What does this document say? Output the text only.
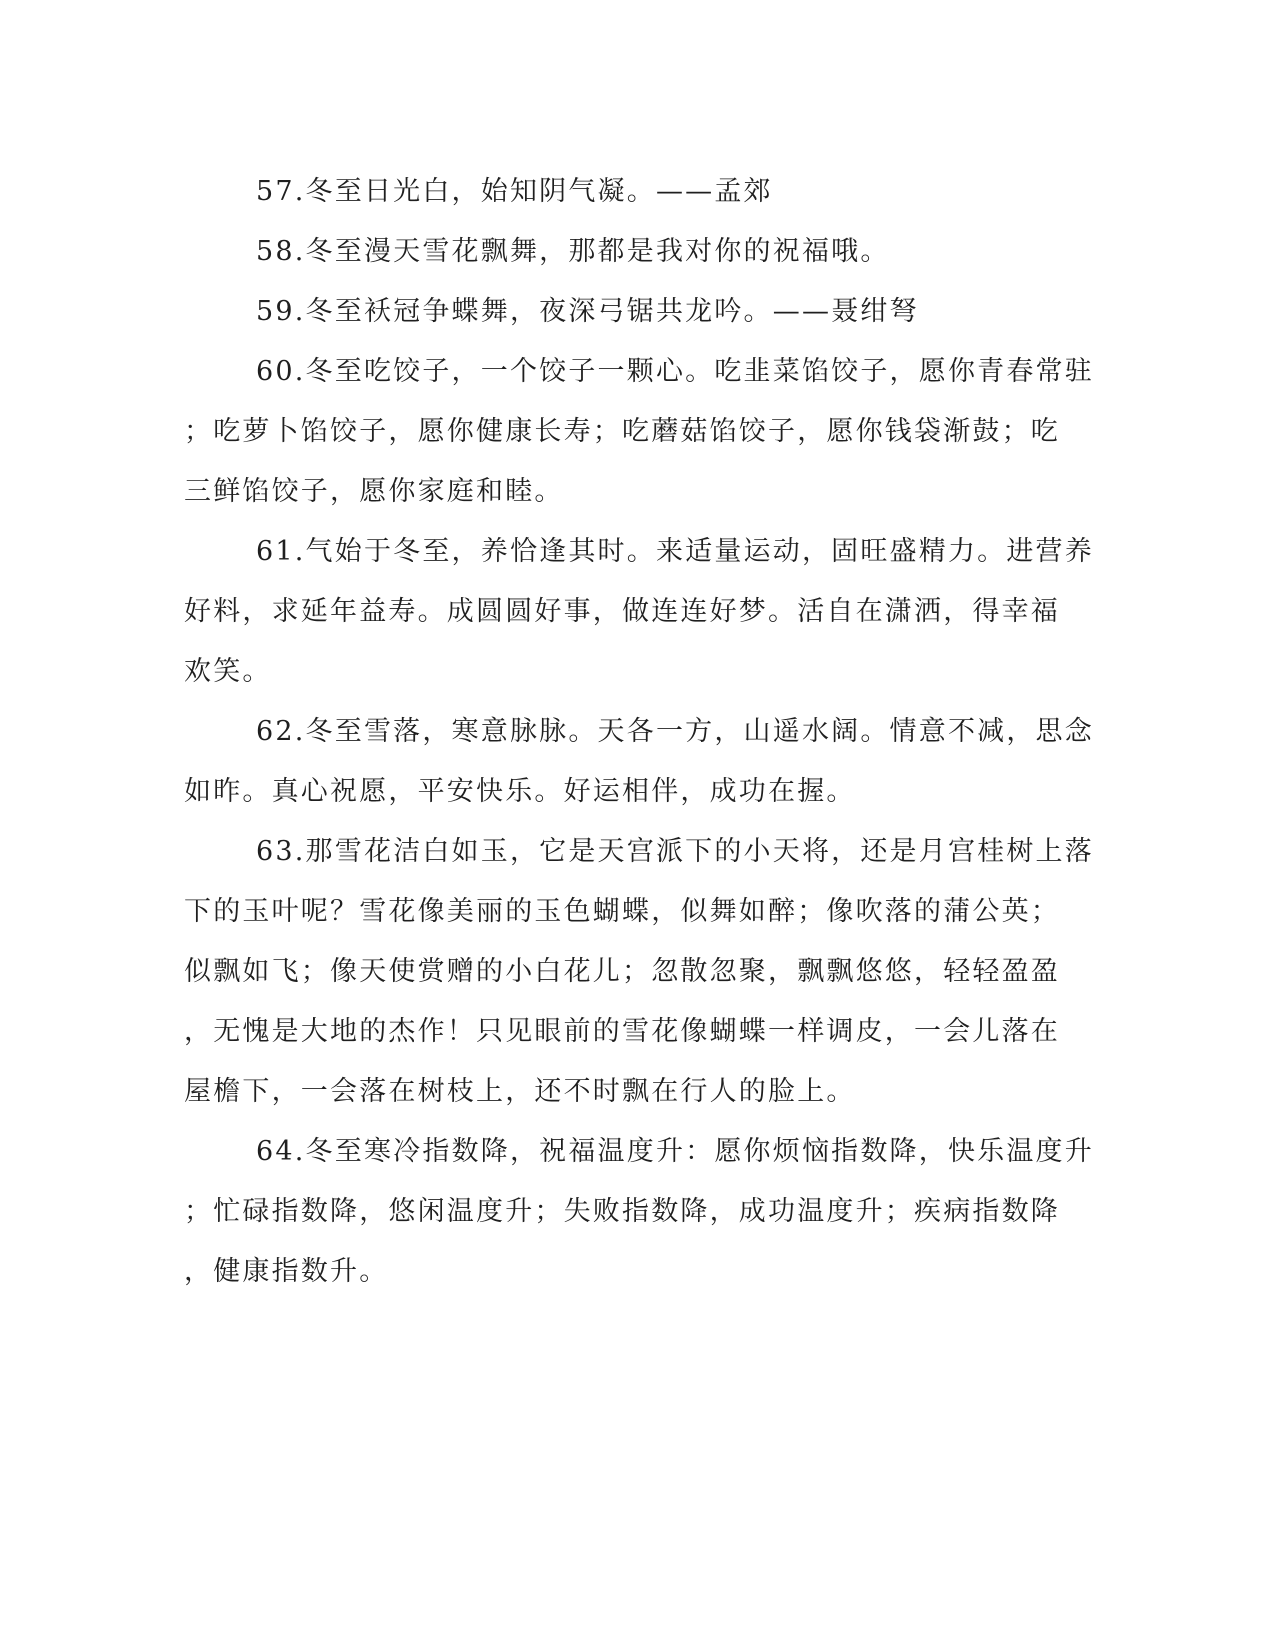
57.冬至日光白，始知阴气凝。——孟郊
58.冬至漫天雪花飘舞，那都是我对你的祝福哦。
59.冬至袄冠争蝶舞，夜深弓锯共龙吟。——聂绀弩
60.冬至吃饺子，一个饺子一颗心。吃韭菜馅饺子，愿你青春常驻
；吃萝卜馅饺子，愿你健康长寿；吃蘑菇馅饺子，愿你钱袋渐鼓；吃
三鲜馅饺子，愿你家庭和睦。
61.气始于冬至，养恰逢其时。来适量运动，固旺盛精力。进营养
好料，求延年益寿。成圆圆好事，做连连好梦。活自在潇洒，得幸福
欢笑。
62.冬至雪落，寒意脉脉。天各一方，山遥水阔。情意不减，思念
如昨。真心祝愿，平安快乐。好运相伴，成功在握。
63.那雪花洁白如玉，它是天宫派下的小天将，还是月宫桂树上落
下的玉叶呢？雪花像美丽的玉色蝴蝶，似舞如醉；像吹落的蒲公英；
似飘如飞；像天使赏赠的小白花儿；忽散忽聚，飘飘悠悠，轻轻盈盈
，无愧是大地的杰作！只见眼前的雪花像蝴蝶一样调皮，一会儿落在
屋檐下，一会落在树枝上，还不时飘在行人的脸上。
64.冬至寒冷指数降，祝福温度升：愿你烦恼指数降，快乐温度升
；忙碌指数降，悠闲温度升；失败指数降，成功温度升；疾病指数降
，健康指数升。
